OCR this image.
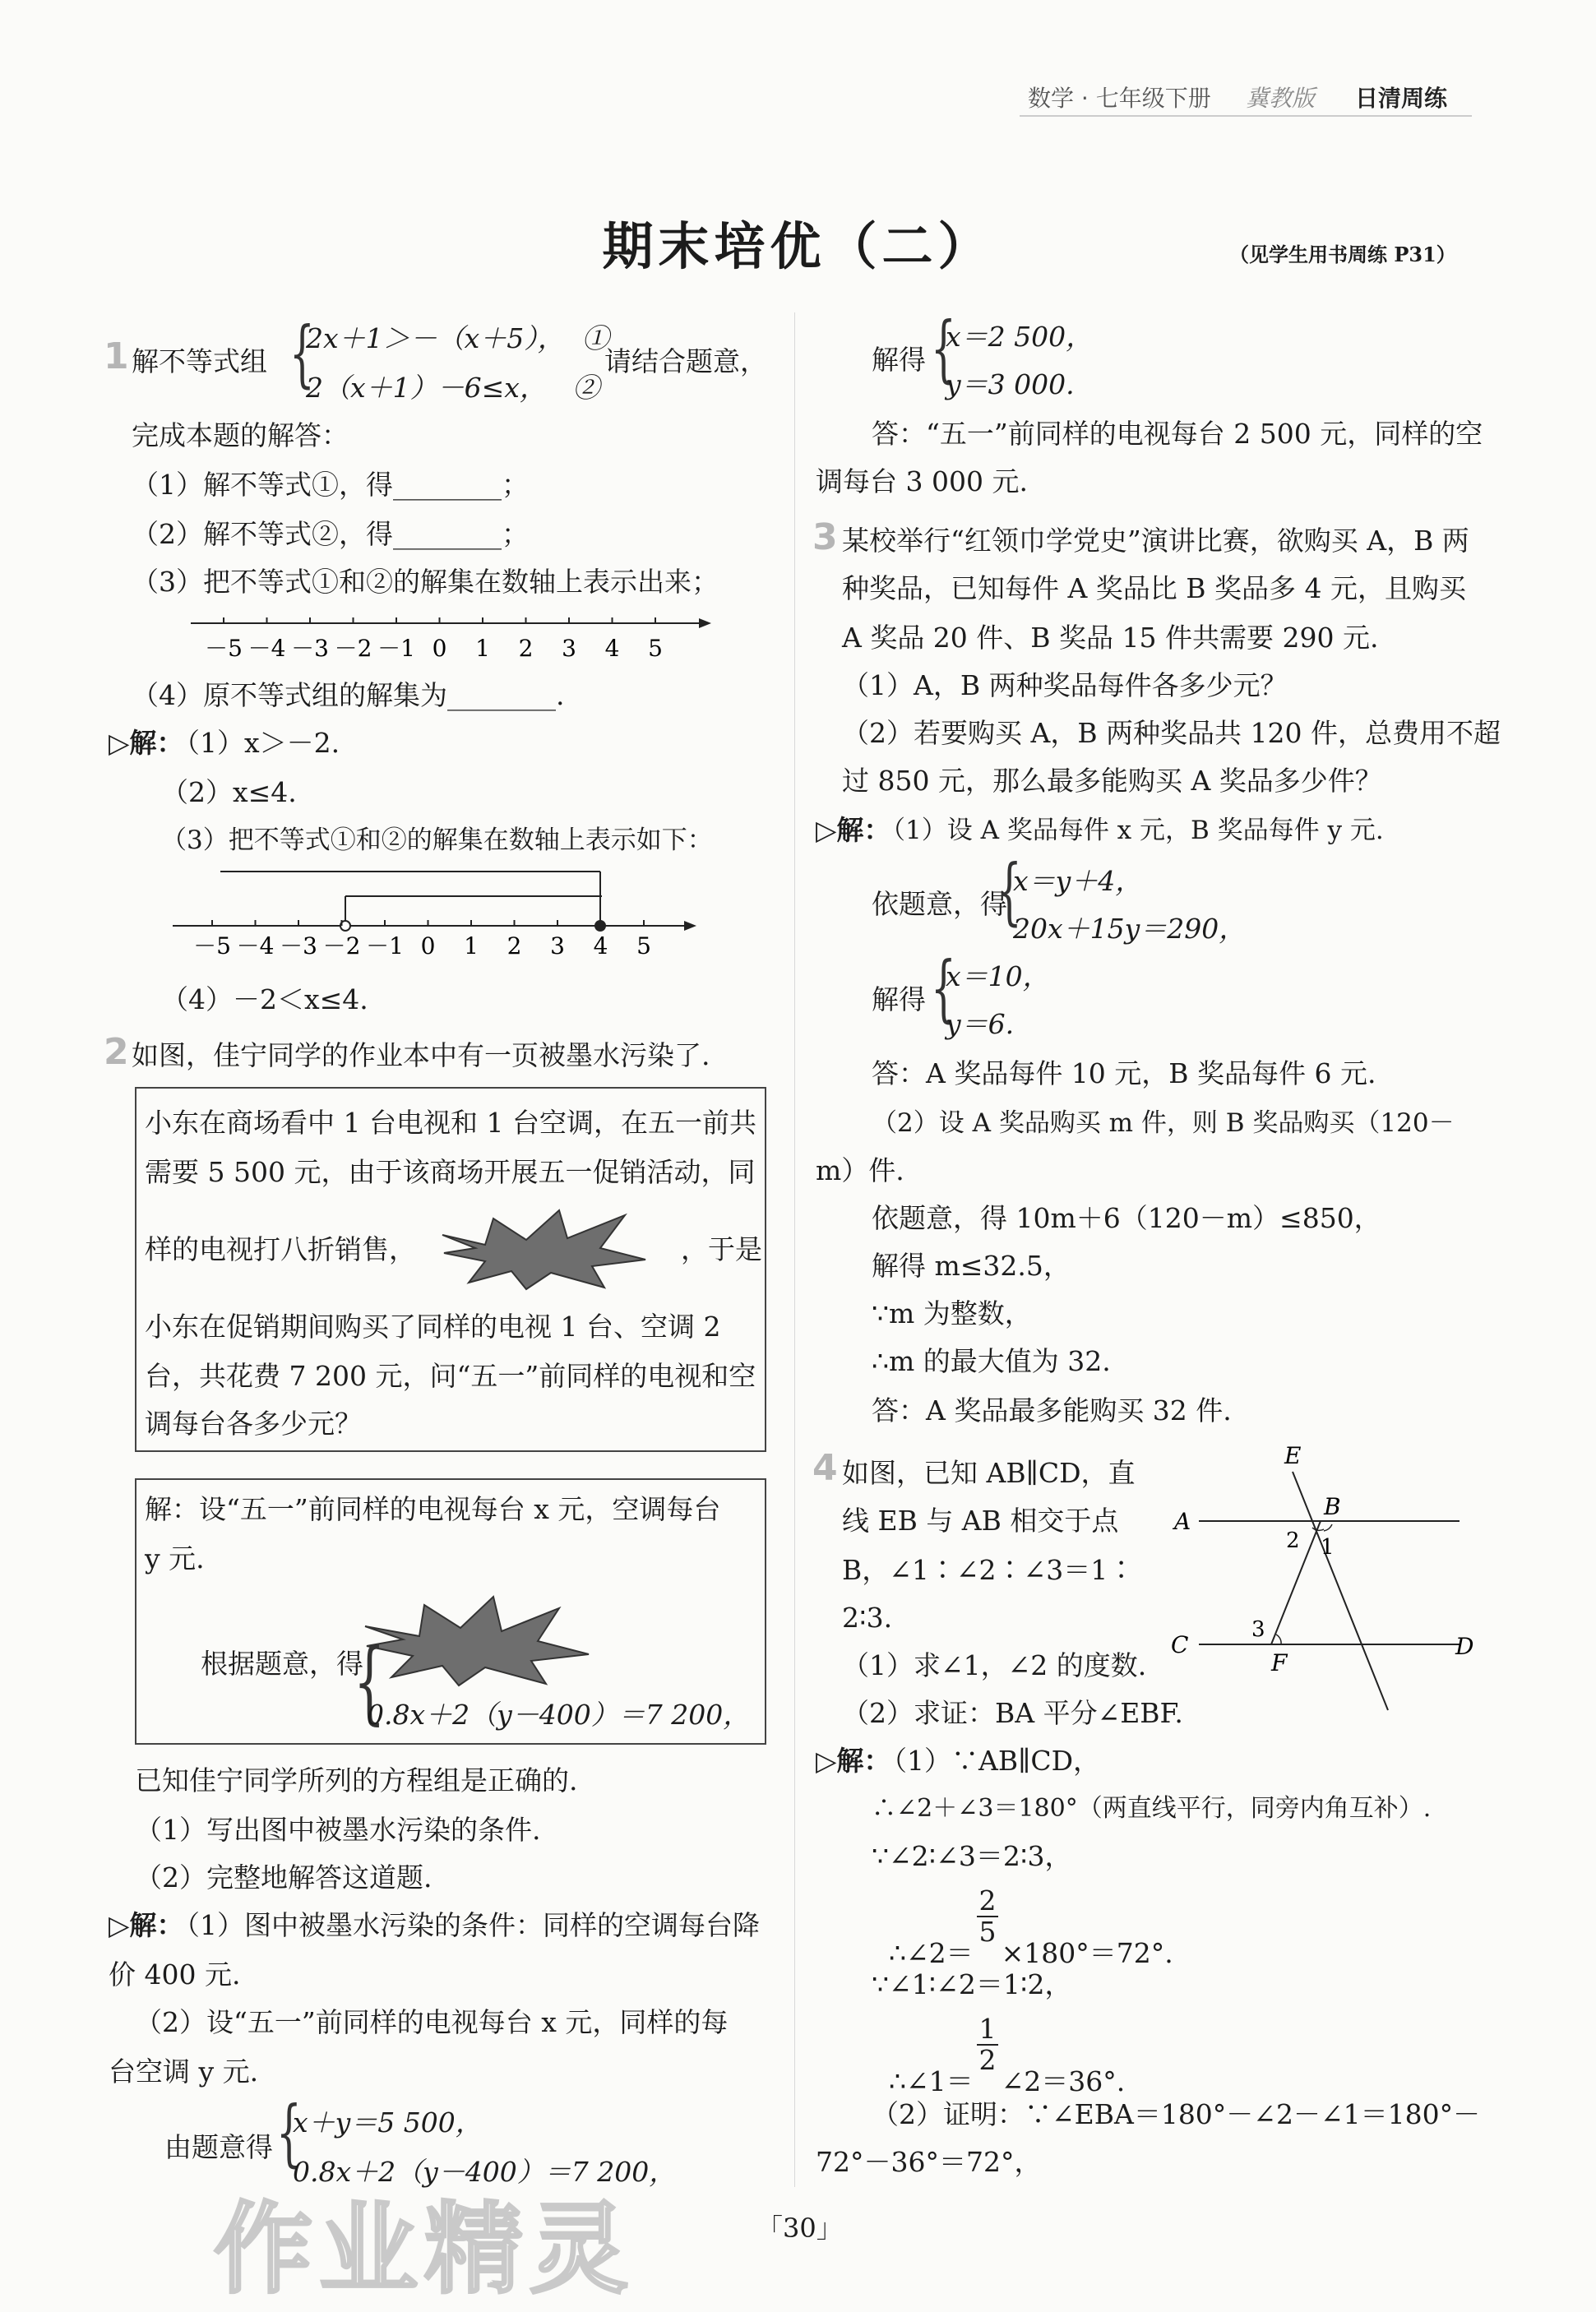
数学 · 七年级下册 冀教版 日清周练
期末培优（二）	（见学生用书周练 P31）
1 解不等式组 {
2x＋1＞－（x＋5），  ①
2（x＋1）－6≤x，   ②
请结合题意，
完成本题的解答：
（1）解不等式①，得________；
（2）解不等式②，得________；
（3）把不等式①和②的解集在数轴上表示出来；
－5 －4 －3 －2 －1 0 1 2 3 4 5
（4）原不等式组的解集为________.
▷解：
（1）x＞－2.
（2）x≤4.
（3）把不等式①和②的解集在数轴上表示如下：
－5 －4 －3 －2 －1 0 1 2 3 4 5
（4）－2＜x≤4.
2 如图，佳宁同学的作业本中有一页被墨水污染了.
小东在商场看中 1 台电视和 1 台空调，在五一前共
需要 5 500 元，由于该商场开展五一促销活动，同
样的电视打八折销售，	，于是
小东在促销期间购买了同样的电视 1 台、空调 2
台，共花费 7 200 元，问“五一”前同样的电视和空
调每台各多少元？
解：设“五一”前同样的电视每台 x 元，空调每台
y 元.
根据题意，得
{
0.8x＋2（y－400）＝7 200，
已知佳宁同学所列的方程组是正确的.
（1）写出图中被墨水污染的条件.
（2）完整地解答这道题.
▷解：
（1）图中被墨水污染的条件：同样的空调每台降
价 400 元.
（2）设“五一”前同样的电视每台 x 元，同样的每
台空调 y 元.
由题意得 {
x＋y＝5 500，
0.8x＋2（y－400）＝7 200，
解得 {
x＝2 500，
y＝3 000.
答：“五一”前同样的电视每台 2 500 元，同样的空
调每台 3 000 元.
3 某校举行“红领巾学党史”演讲比赛，欲购买 A，B 两
种奖品，已知每件 A 奖品比 B 奖品多 4 元，且购买
A 奖品 20 件、B 奖品 15 件共需要 290 元.
（1）A，B 两种奖品每件各多少元？
（2）若要购买 A，B 两种奖品共 120 件，总费用不超
过 850 元，那么最多能购买 A 奖品多少件？
▷解：
（1）设 A 奖品每件 x 元，B 奖品每件 y 元.
依题意，得
{
x＝y＋4，
20x＋15y＝290，
解得 {
x＝10，
y＝6.
答：A 奖品每件 10 元，B 奖品每件 6 元.
（2）设 A 奖品购买 m 件，则 B 奖品购买（120－
m）件.
依题意，得 10m＋6（120－m）≤850，
解得 m≤32.5，
∵m 为整数，
∴m 的最大值为 32.
答：A 奖品最多能购买 32 件.
4 如图，已知 AB∥CD，直
线 EB 与 AB 相交于点
B，∠1∶∠2∶∠3＝1∶
2∶3.
（1）求∠1，∠2 的度数.
（2）求证：BA 平分∠EBF.
E
A
B
C	D
F
1
2
3
▷解：
（1）∵AB∥CD，
∴∠2＋∠3＝180°（两直线平行，同旁内角互补）.
∵∠2∶∠3＝2∶3，

∴∠2＝
2
5
×180°＝72°.

∵∠1∶∠2＝1∶2，

∴∠1＝
1
2
∠2＝36°.

（2）证明：∵∠EBA＝180°－∠2－∠1＝180°－
72°－36°＝72°，
「30」
作业精灵
